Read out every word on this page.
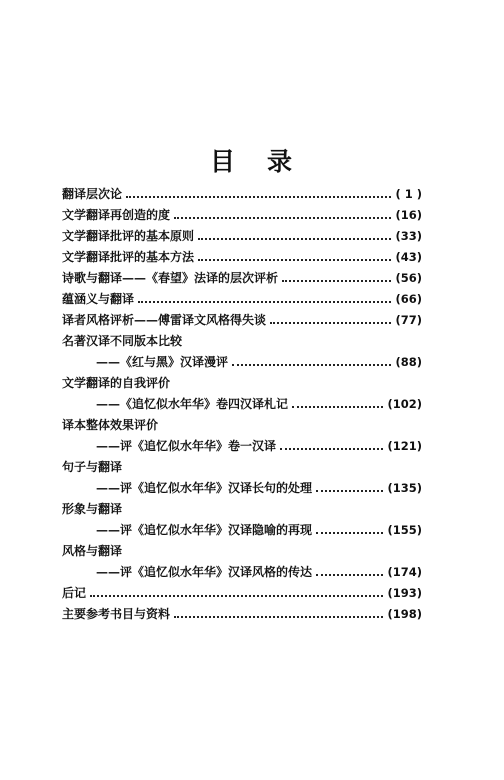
目 录
翻译层次论	( 1 )
文学翻译再创造的度	(16)
文学翻译批评的基本原则	(33)
文学翻译批评的基本方法	(43)
诗歌与翻译——《春望》法译的层次评析	(56)
蕴涵义与翻译	(66)
译者风格评析——傅雷译文风格得失谈	(77)
名著汉译不同版本比较
——《红与黑》汉译漫评	(88)
文学翻译的自我评价
——《追忆似水年华》卷四汉译札记	(102)
译本整体效果评价
——评《追忆似水年华》卷一汉译	(121)
句子与翻译
——评《追忆似水年华》汉译长句的处理	(135)
形象与翻译
——评《追忆似水年华》汉译隐喻的再现	(155)
风格与翻译
——评《追忆似水年华》汉译风格的传达	(174)
后记	(193)
主要参考书目与资料	(198)
